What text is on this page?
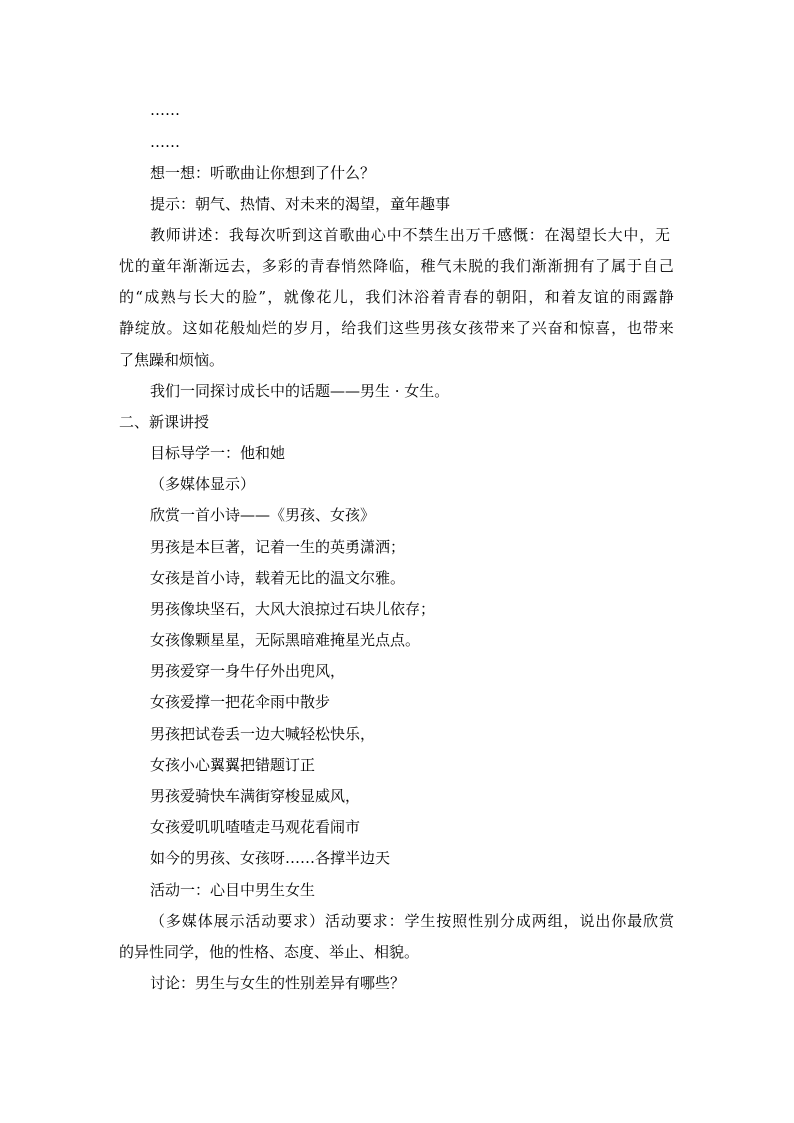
……
……
想一想：听歌曲让你想到了什么？
提示：朝气、热情、对未来的渴望，童年趣事
教师讲述：我每次听到这首歌曲心中不禁生出万千感慨：在渴望长大中，无
忧的童年渐渐远去，多彩的青春悄然降临，稚气未脱的我们渐渐拥有了属于自己
的“成熟与长大的脸”，就像花儿，我们沐浴着青春的朝阳，和着友谊的雨露静
静绽放。这如花般灿烂的岁月，给我们这些男孩女孩带来了兴奋和惊喜，也带来
了焦躁和烦恼。
我们一同探讨成长中的话题——男生 · 女生。
二、新课讲授
目标导学一：他和她
（多媒体显示）
欣赏一首小诗——《男孩、女孩》
男孩是本巨著，记着一生的英勇潇洒；
女孩是首小诗，载着无比的温文尔雅。
男孩像块坚石，大风大浪掠过石块儿依存；
女孩像颗星星，无际黑暗难掩星光点点。
男孩爱穿一身牛仔外出兜风，
女孩爱撑一把花伞雨中散步
男孩把试卷丢一边大喊轻松快乐，
女孩小心翼翼把错题订正
男孩爱骑快车满街穿梭显威风，
女孩爱叽叽喳喳走马观花看闹市
如今的男孩、女孩呀……各撑半边天
活动一：心目中男生女生
（多媒体展示活动要求）活动要求：学生按照性别分成两组，说出你最欣赏
的异性同学，他的性格、态度、举止、相貌。
讨论：男生与女生的性别差异有哪些？
